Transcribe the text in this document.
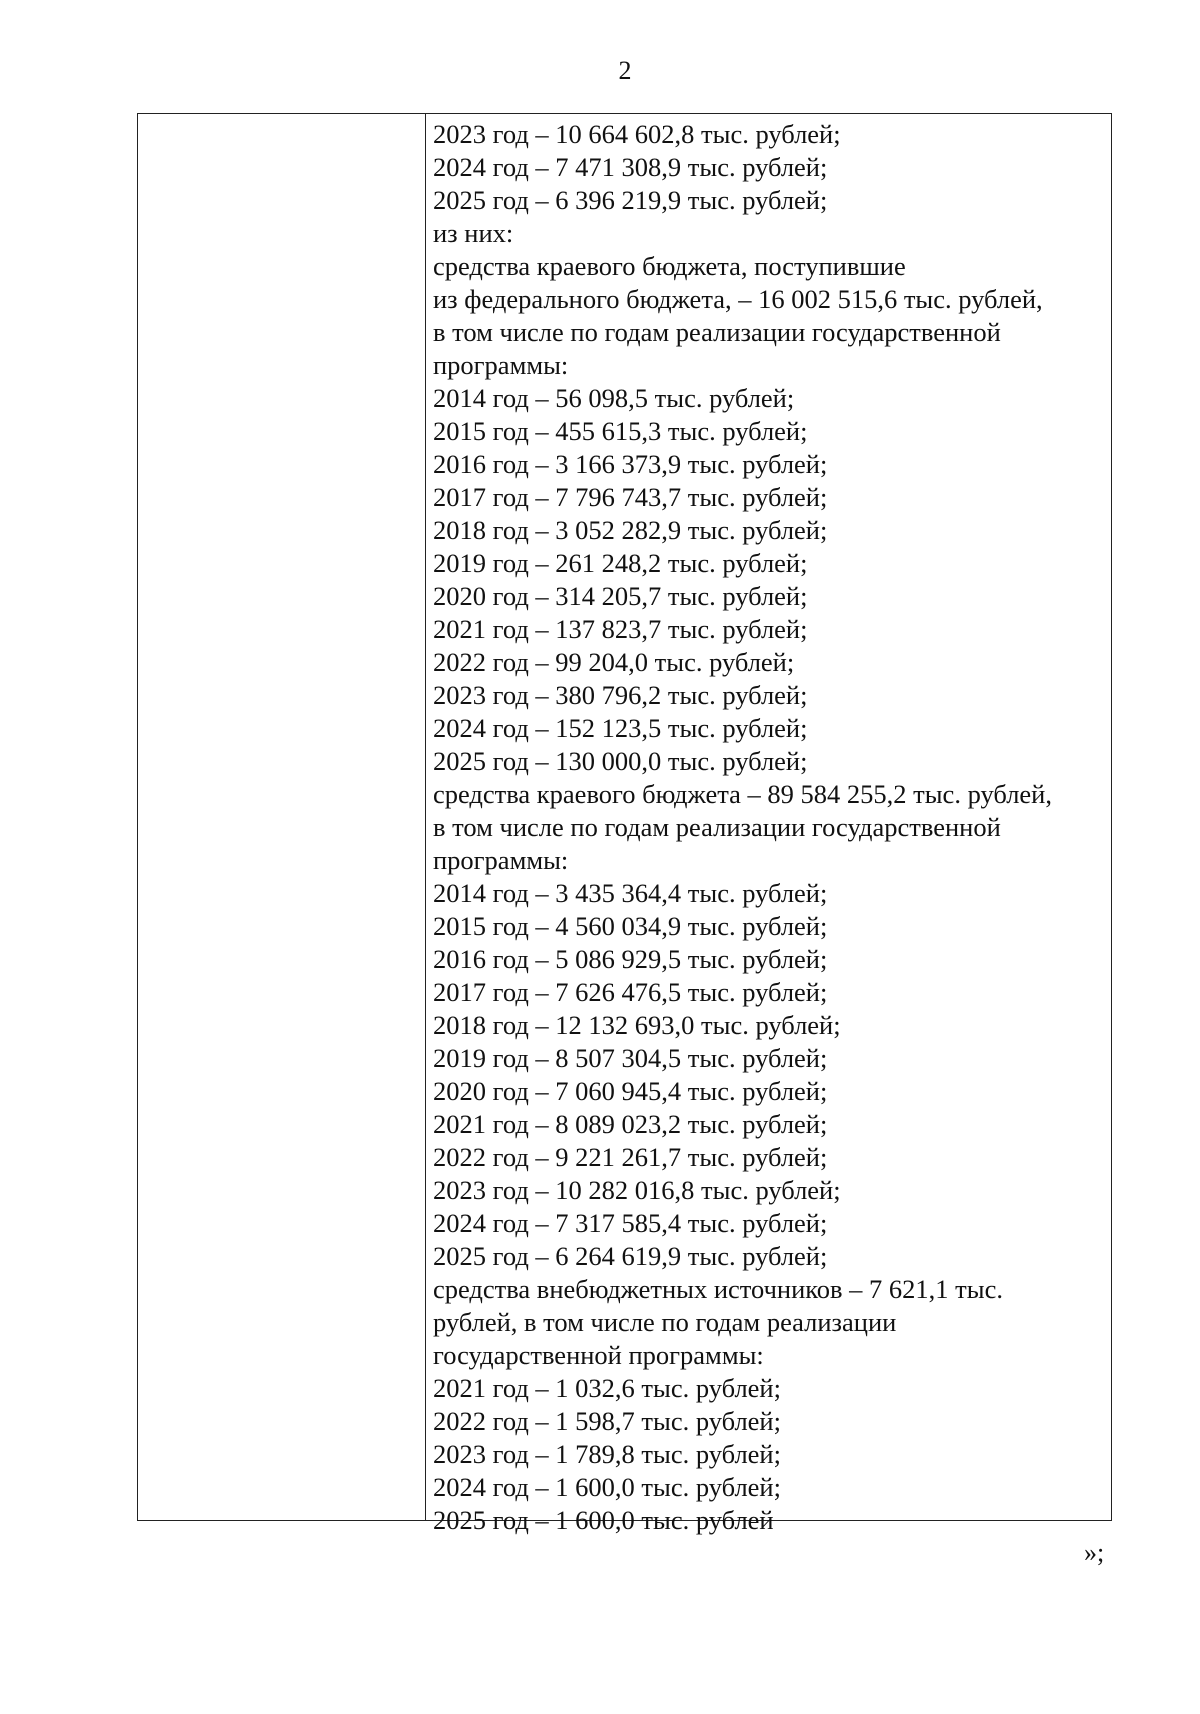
2
2023 год – 10 664 602,8 тыс. рублей;
2024 год – 7 471 308,9 тыс. рублей;
2025 год – 6 396 219,9 тыс. рублей;
из них:
средства краевого бюджета, поступившие
из федерального бюджета, – 16 002 515,6 тыс. рублей,
в том числе по годам реализации государственной
программы:
2014 год – 56 098,5 тыс. рублей;
2015 год – 455 615,3 тыс. рублей;
2016 год – 3 166 373,9 тыс. рублей;
2017 год – 7 796 743,7 тыс. рублей;
2018 год – 3 052 282,9 тыс. рублей;
2019 год – 261 248,2 тыс. рублей;
2020 год – 314 205,7 тыс. рублей;
2021 год – 137 823,7 тыс. рублей;
2022 год – 99 204,0 тыс. рублей;
2023 год – 380 796,2 тыс. рублей;
2024 год – 152 123,5 тыс. рублей;
2025 год – 130 000,0 тыс. рублей;
средства краевого бюджета – 89 584 255,2 тыс. рублей,
в том числе по годам реализации государственной
программы:
2014 год – 3 435 364,4 тыс. рублей;
2015 год – 4 560 034,9 тыс. рублей;
2016 год – 5 086 929,5 тыс. рублей;
2017 год – 7 626 476,5 тыс. рублей;
2018 год – 12 132 693,0 тыс. рублей;
2019 год – 8 507 304,5 тыс. рублей;
2020 год – 7 060 945,4 тыс. рублей;
2021 год – 8 089 023,2 тыс. рублей;
2022 год – 9 221 261,7 тыс. рублей;
2023 год – 10 282 016,8 тыс. рублей;
2024 год – 7 317 585,4 тыс. рублей;
2025 год – 6 264 619,9 тыс. рублей;
средства внебюджетных источников – 7 621,1 тыс.
рублей, в том числе по годам реализации
государственной программы:
2021 год – 1 032,6 тыс. рублей;
2022 год – 1 598,7 тыс. рублей;
2023 год – 1 789,8 тыс. рублей;
2024 год – 1 600,0 тыс. рублей;
2025 год – 1 600,0 тыс. рублей
»;
